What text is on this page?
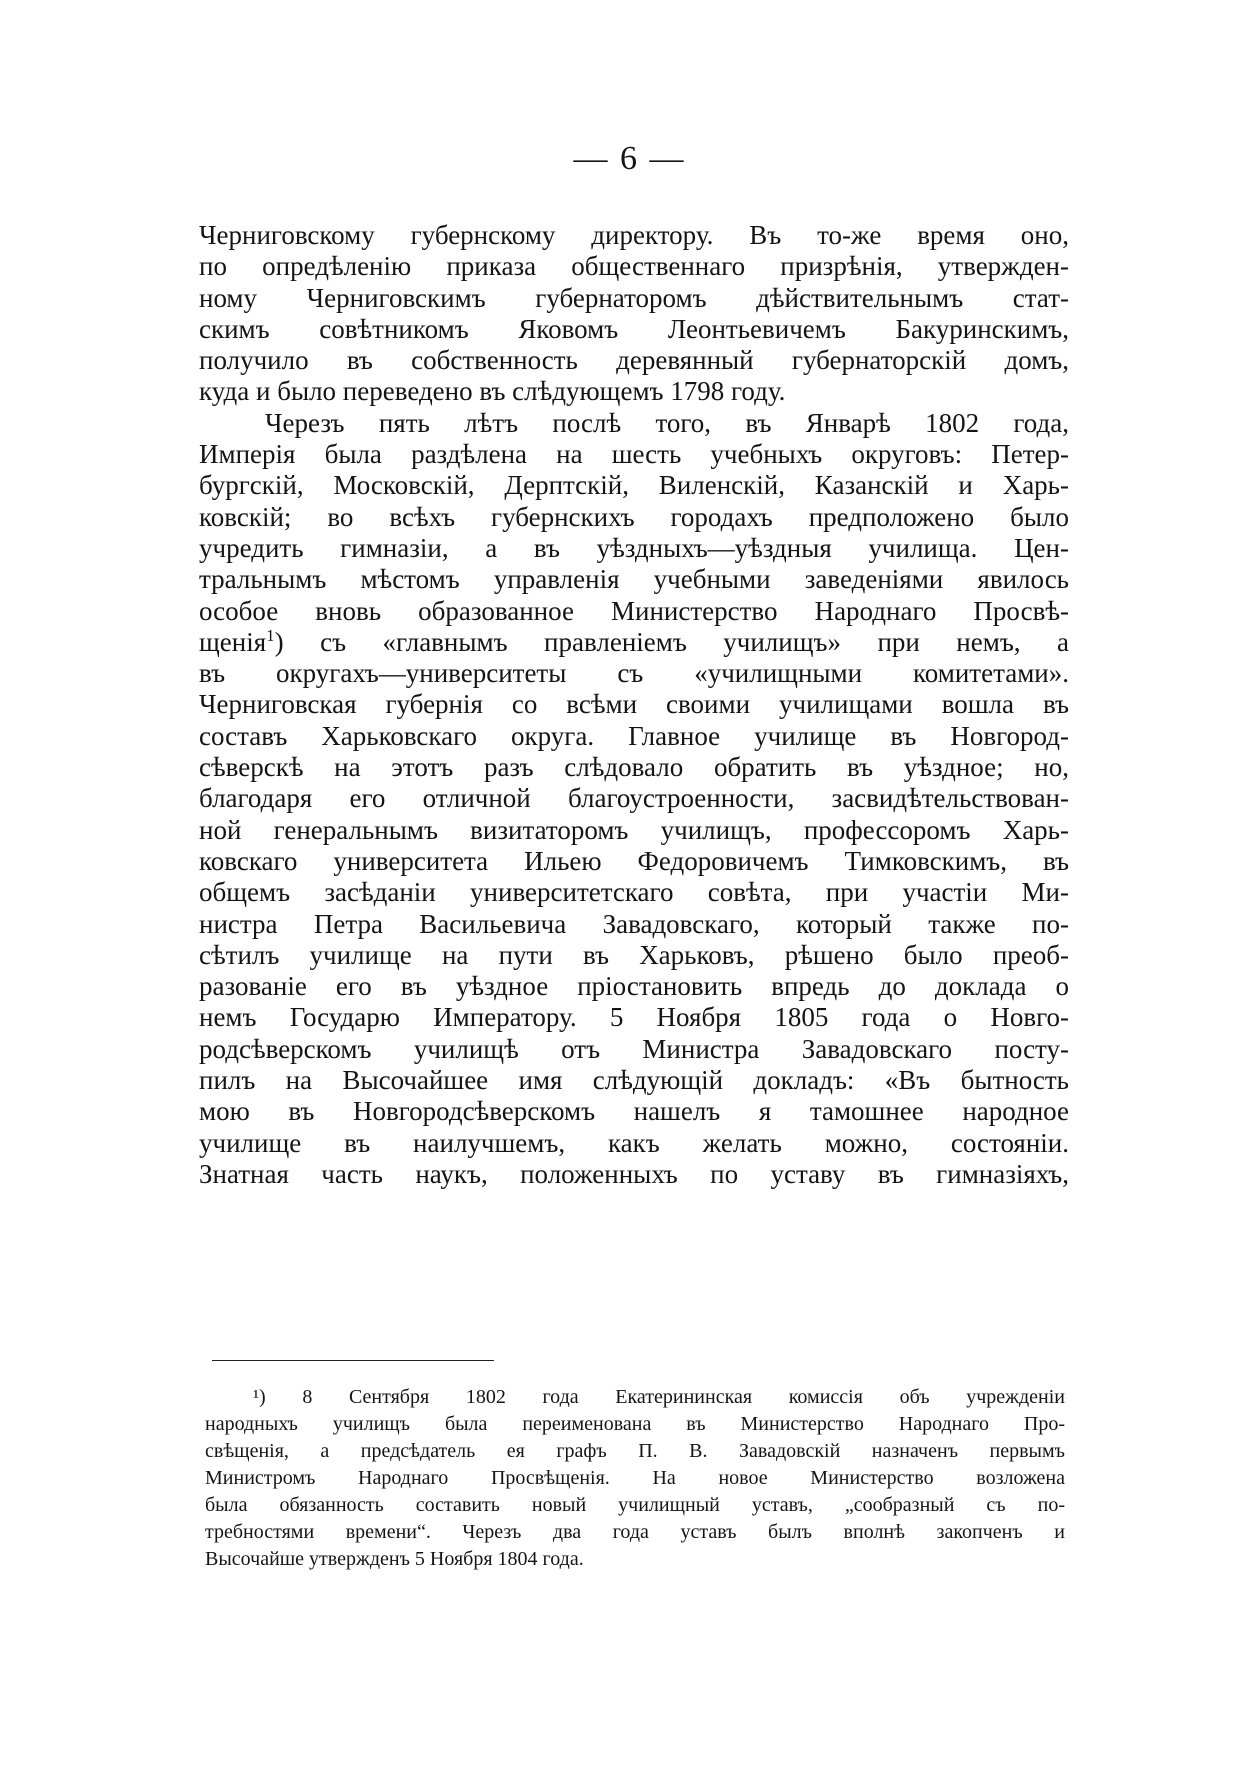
— 6 —
Черниговскому губернскому директору. Въ то-же время оно,
по опредѣленію приказа общественнаго призрѣнія, утвержден-
ному Черниговскимъ губернаторомъ дѣйствительнымъ стат-
скимъ совѣтникомъ Яковомъ Леонтьевичемъ Бакуринскимъ,
получило въ собственность деревянный губернаторскій домъ,
куда и было переведено въ слѣдующемъ 1798 году.
Черезъ пять лѣтъ послѣ того, въ Январѣ 1802 года,
Имперія была раздѣлена на шесть учебныхъ округовъ: Петер-
бургскій, Московскій, Дерптскій, Виленскій, Казанскій и Харь-
ковскій; во всѣхъ губернскихъ городахъ предположено было
учредить гимназіи, а въ уѣздныхъ—уѣздныя училища. Цен-
тральнымъ мѣстомъ управленія учебными заведеніями явилось
особое вновь образованное Министерство Народнаго Просвѣ-
щенія$^1$) съ «главнымъ правленіемъ училищъ» при немъ, а
въ округахъ—университеты съ «училищными комитетами».
Черниговская губернія со всѣми своими училищами вошла въ
составъ Харьковскаго округа. Главное училище въ Новгород-
сѣверскѣ на этотъ разъ слѣдовало обратить въ уѣздное; но,
благодаря его отличной благоустроенности, засвидѣтельствован-
ной генеральнымъ визитаторомъ училищъ, профессоромъ Харь-
ковскаго университета Ильею Федоровичемъ Тимковскимъ, въ
общемъ засѣданіи университетскаго совѣта, при участіи Ми-
нистра Петра Васильевича Завадовскаго, который также по-
сѣтилъ училище на пути въ Харьковъ, рѣшено было преоб-
разованіе его въ уѣздное пріостановить впредь до доклада о
немъ Государю Императору. 5 Ноября 1805 года о Новго-
родсѣверскомъ училищѣ отъ Министра Завадовскаго посту-
пилъ на Высочайшее имя слѣдующій докладъ: «Въ бытность
мою въ Новгородсѣверскомъ нашелъ я тамошнее народное
училище въ наилучшемъ, какъ желать можно, состояніи.
Знатная часть наукъ, положенныхъ по уставу въ гимназіяхъ,
¹) 8 Сентября 1802 года Екатерининская комиссія объ учрежденіи
народныхъ училищъ была переименована въ Министерство Народнаго Про-
свѣщенія, а предсѣдатель ея графъ П. В. Завадовскій назначенъ первымъ
Министромъ Народнаго Просвѣщенія. На новое Министерство возложена
была обязанность составить новый училищный уставъ, „сообразный съ по-
требностями времени“. Черезъ два года уставъ былъ вполнѣ закопченъ и
Высочайше утвержденъ 5 Ноября 1804 года.
